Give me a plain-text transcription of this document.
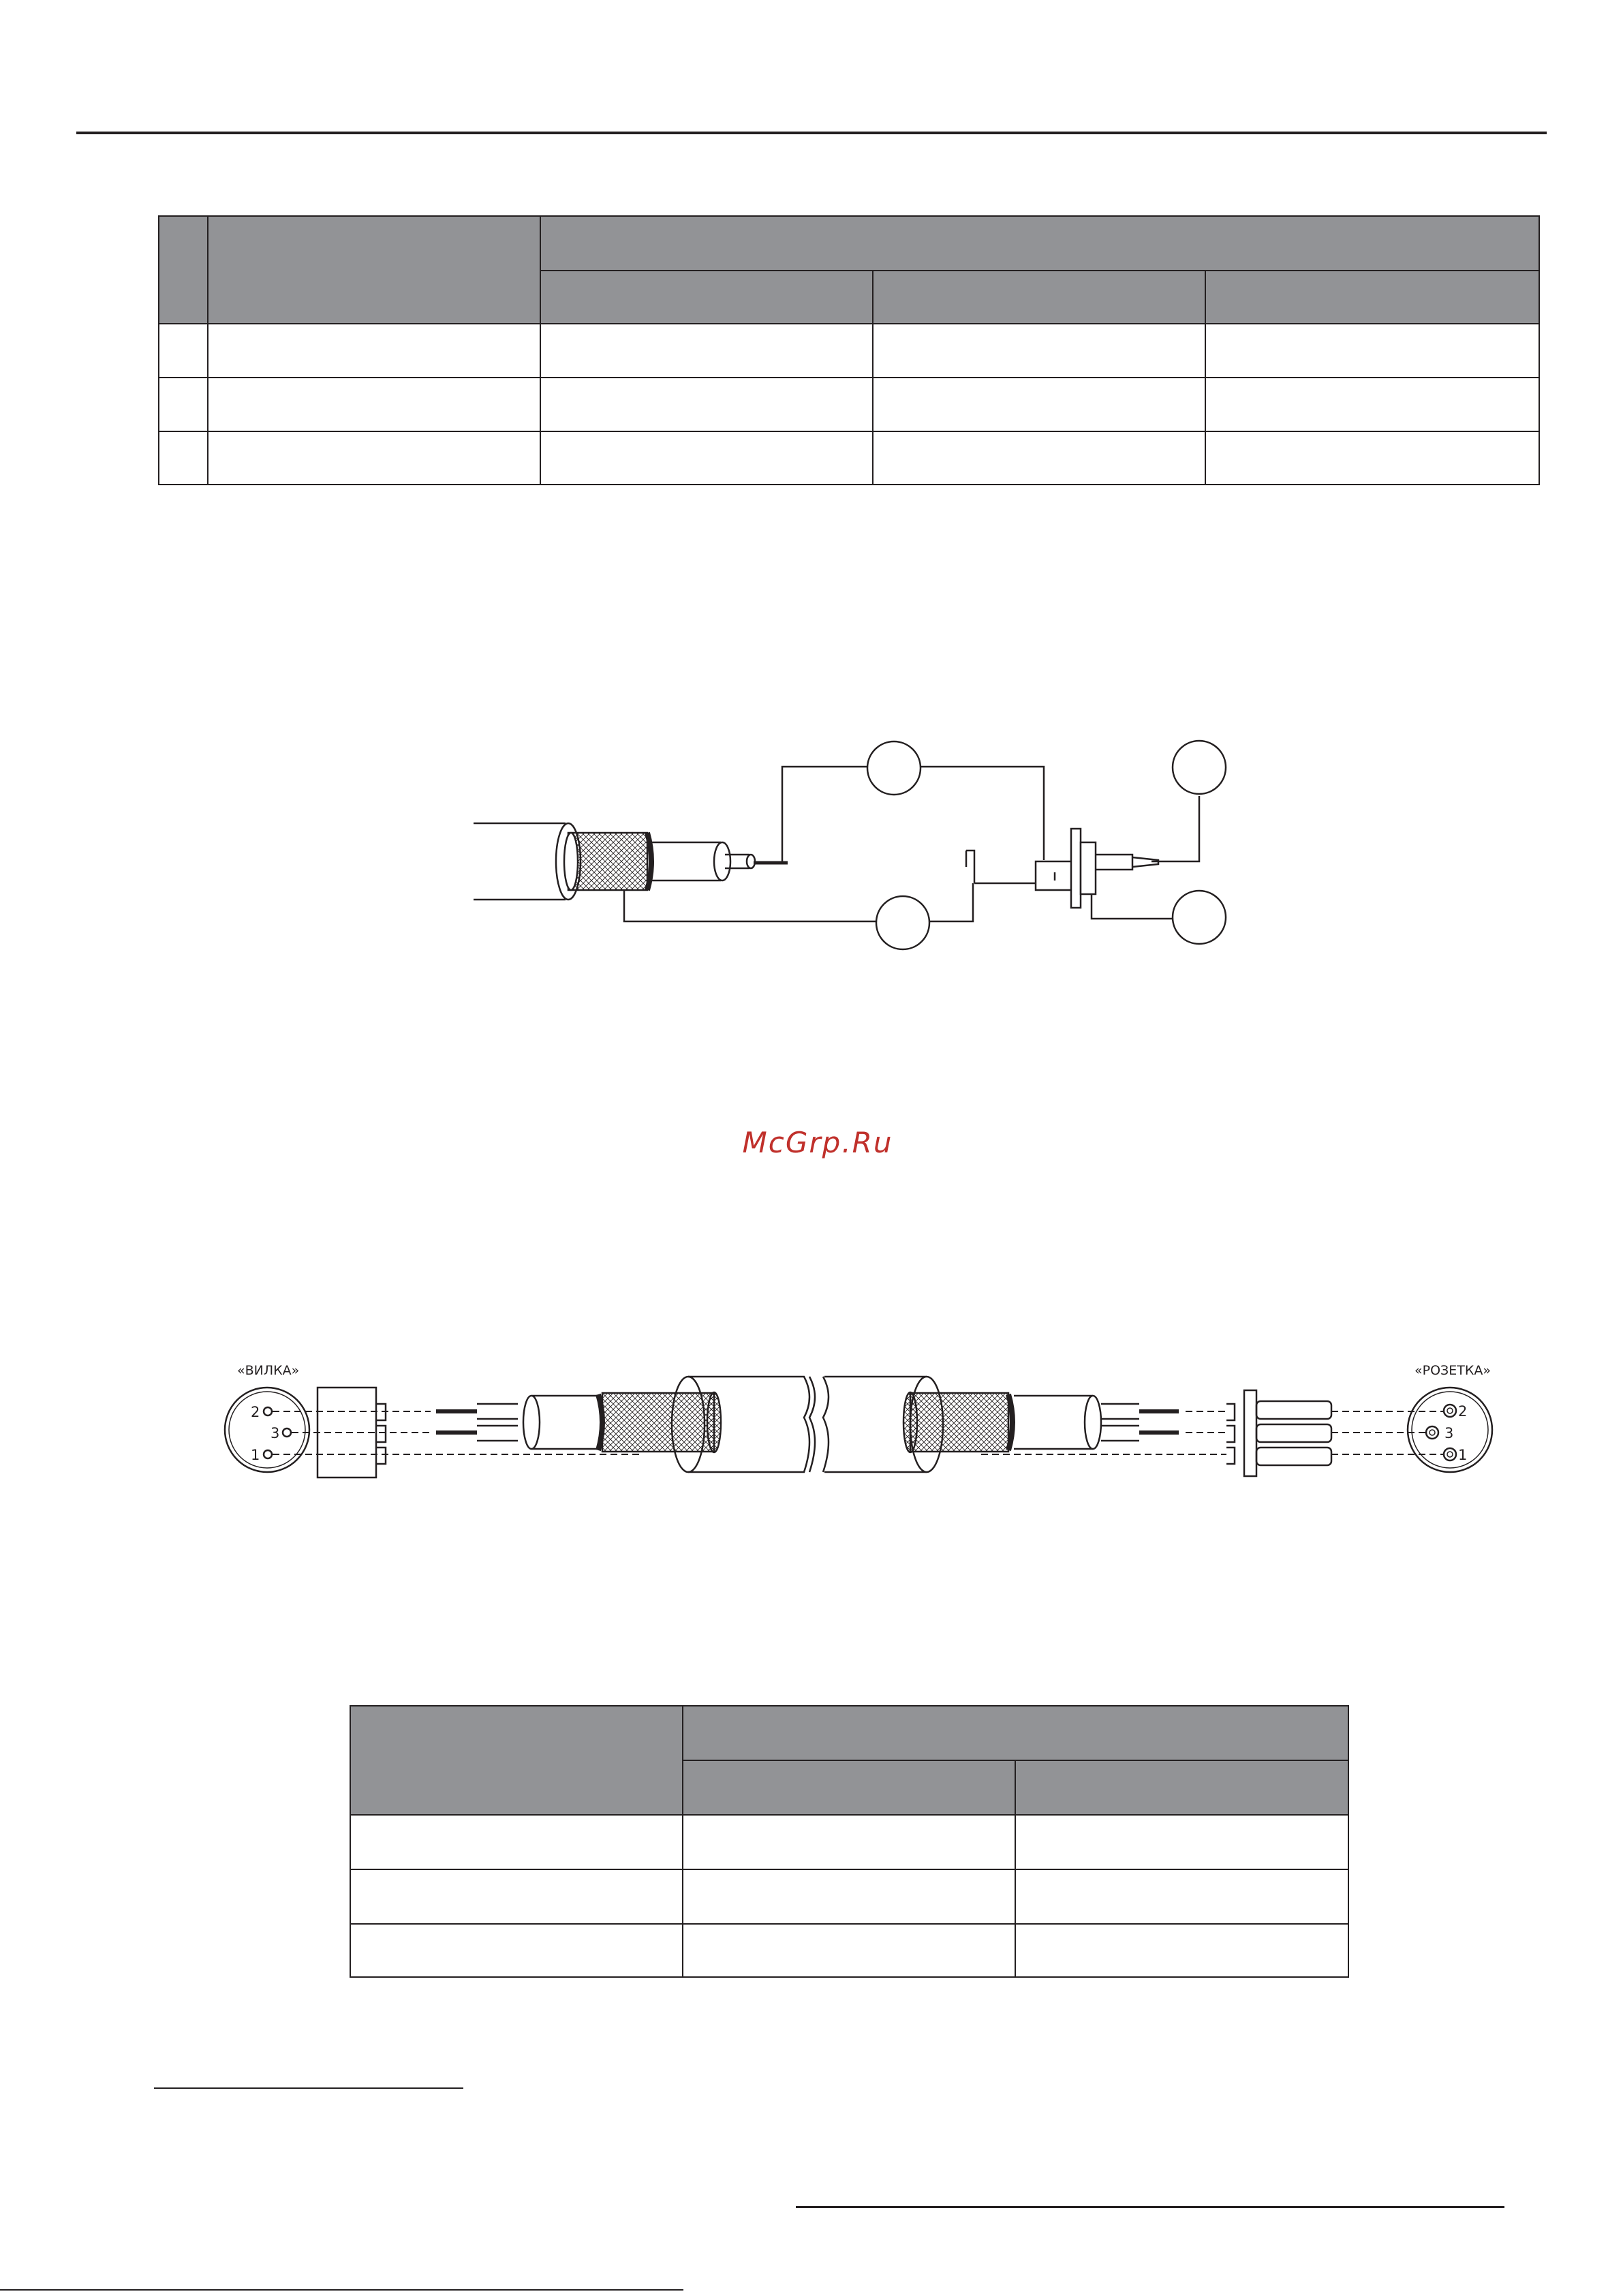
McGrp.Ru
«ВИЛКА»	«РОЗЕТКА»
2
3
1
2
3
1
